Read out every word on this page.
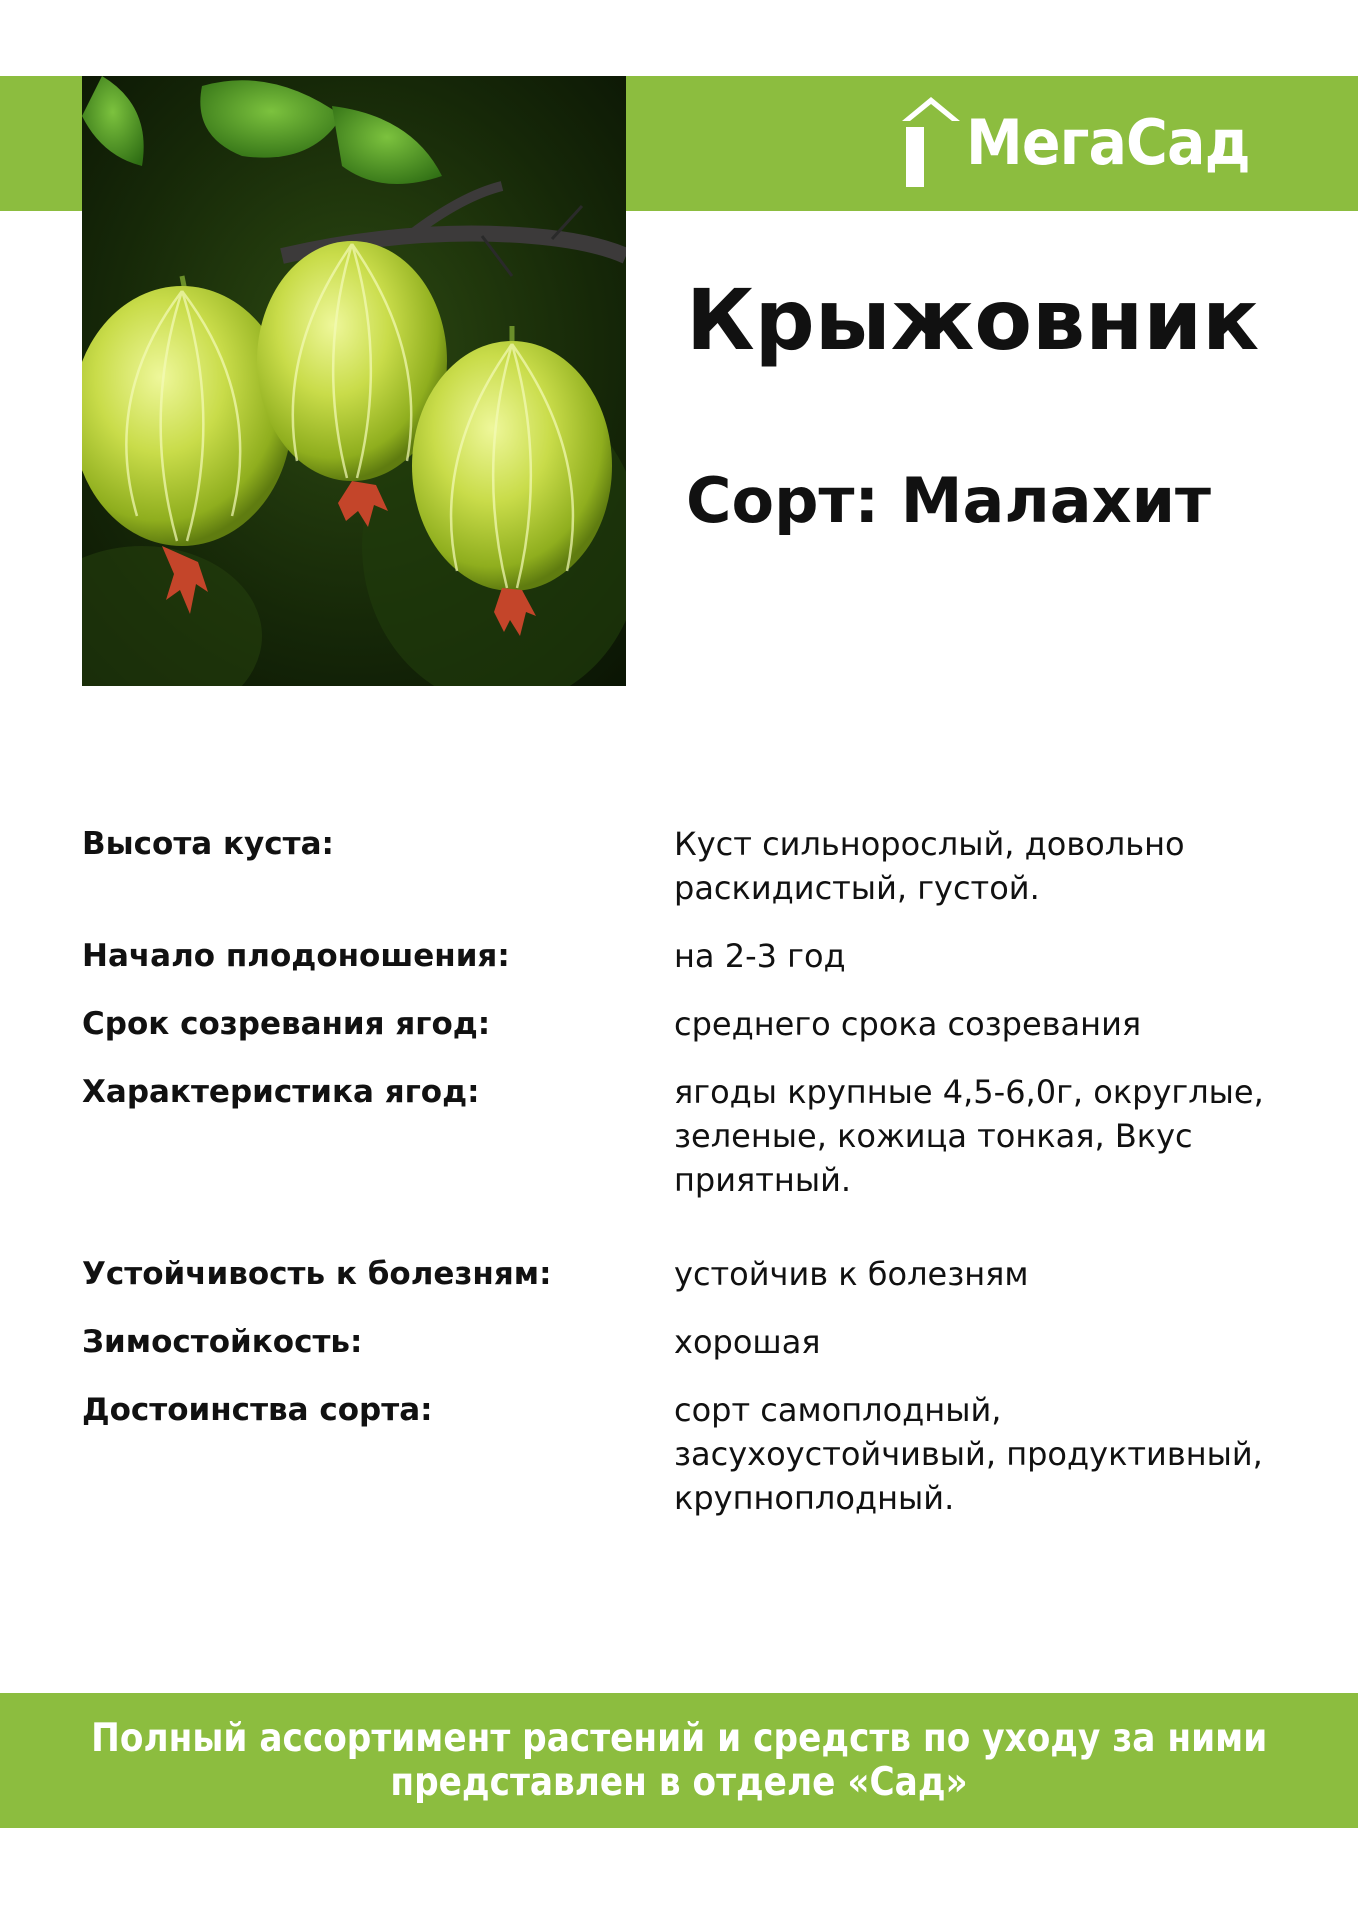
МегаСад
Крыжовник
Сорт: Малахит
Высота куста:	Куст сильнорослый, довольно раскидистый, густой.
Начало плодоношения:	на 2-3 год
Срок созревания ягод:	среднего срока созревания
Характеристика ягод:	ягоды крупные 4,5-6,0г, округлые, зеленые, кожица тонкая, Вкус приятный.
Устойчивость к болезням:	устойчив к болезням
Зимостойкость:	хорошая
Достоинства сорта:	сорт самоплодный, засухоустойчивый, продуктивный, крупноплодный.
Полный ассортимент растений и средств по уходу за ними
представлен в отделе «Сад»
